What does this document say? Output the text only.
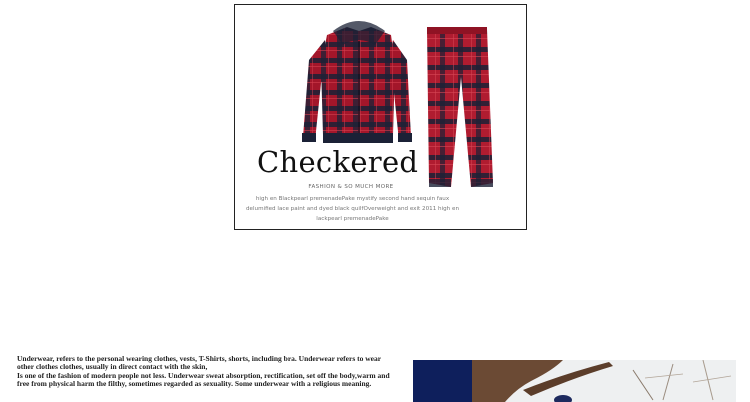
Checkered
FASHION & SO MUCH MORE
high en Blackpearl premenadePake mystify second hand sequin faux delumified lace paint and dyed black quilfOverweight and exit 2011 high en lackpearl premenadePake

Underwear, refers to the personal wearing clothes, vests, T-Shirts, shorts, including bra. Underwear refers to wear other clothes clothes, usually in direct contact with the skin,

Is one of the fashion of modern people not less. Underwear sweat absorption, rectification, set off the body,warm and free from physical harm the filthy, sometimes regarded as sexuality. Some underwear with a religious meaning.
